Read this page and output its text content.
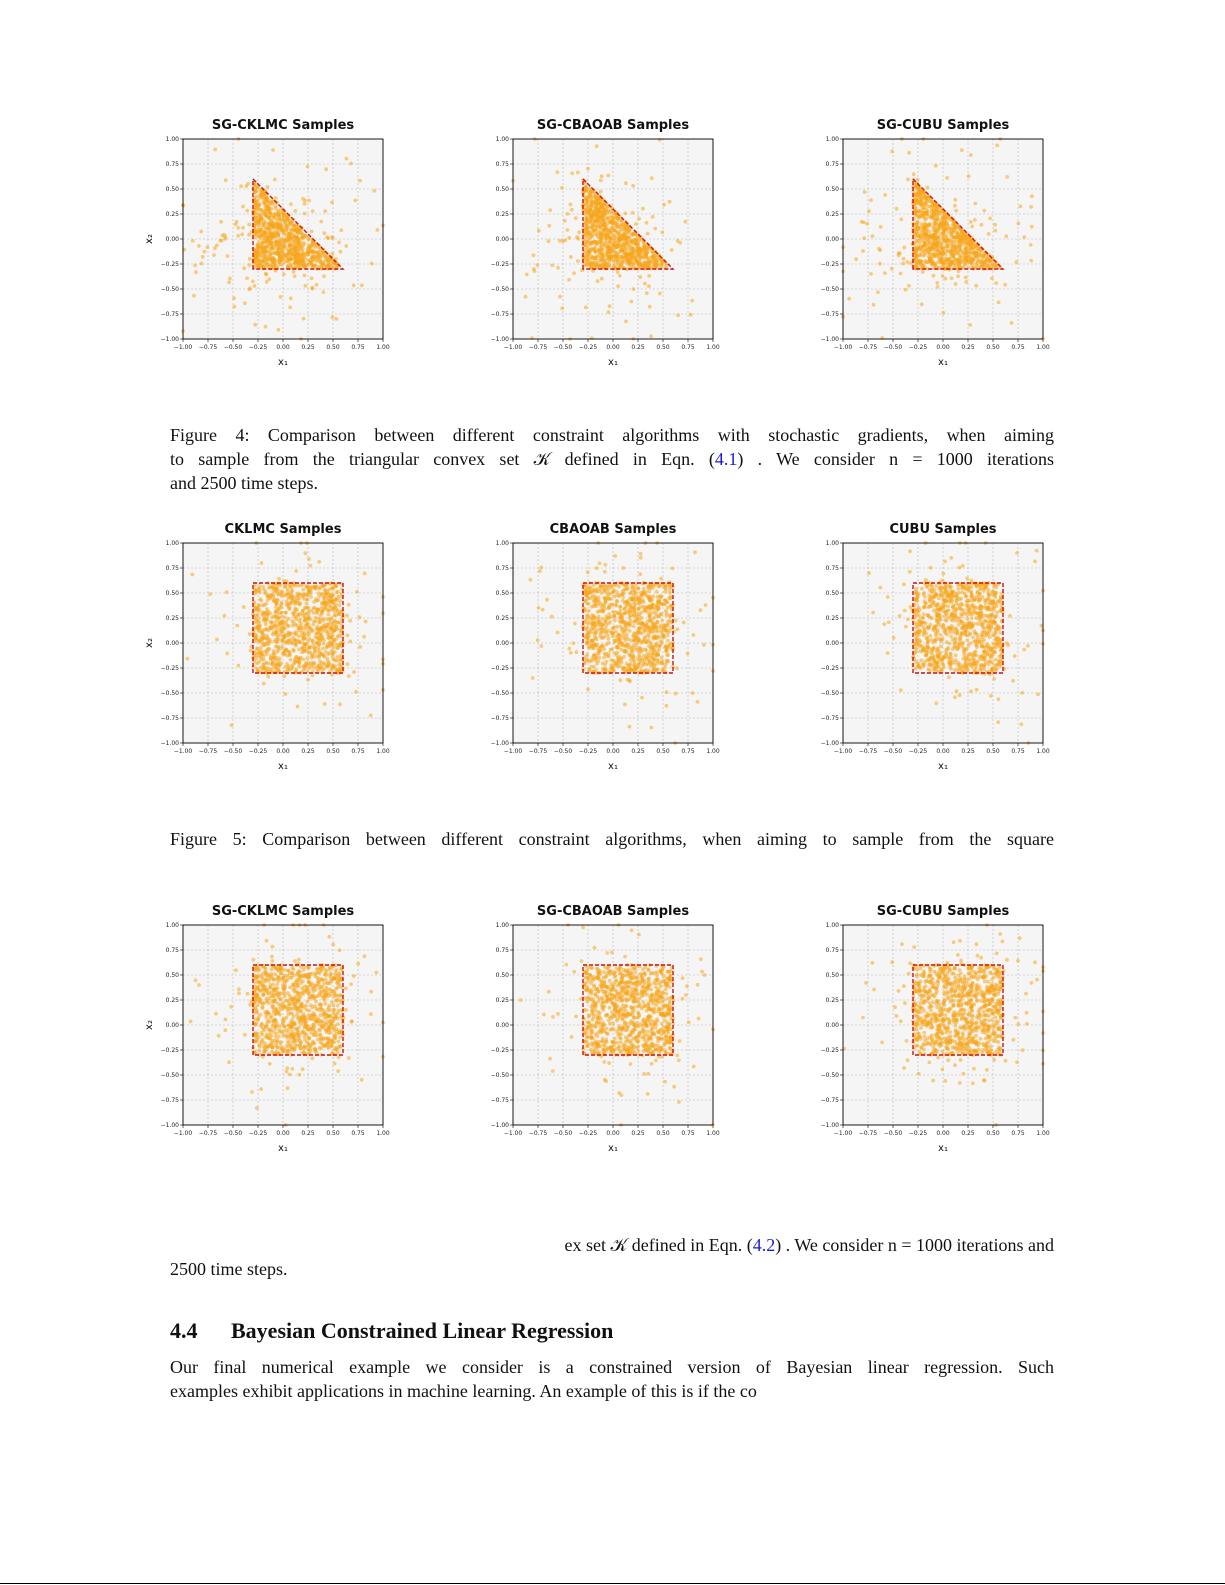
SG-CKLMC Samples
−1.00
−1.00
−0.75
−0.75
−0.50
−0.50
−0.25
−0.25
0.00
0.00
0.25
0.25
0.50
0.50
0.75
0.75
1.00
1.00
x₁
x₂
SG-CBAOAB Samples
−1.00
−1.00
−0.75
−0.75
−0.50
−0.50
−0.25
−0.25
0.00
0.00
0.25
0.25
0.50
0.50
0.75
0.75
1.00
1.00
x₁
SG-CUBU Samples
−1.00
−1.00
−0.75
−0.75
−0.50
−0.50
−0.25
−0.25
0.00
0.00
0.25
0.25
0.50
0.50
0.75
0.75
1.00
1.00
x₁
Figure 4: Comparison between different constraint algorithms with stochastic gradients, when aiming
to sample from the triangular convex set 𝒦 defined in Eqn. (4.1) . We consider n = 1000 iterations
and 2500 time steps.
CKLMC Samples
−1.00
−1.00
−0.75
−0.75
−0.50
−0.50
−0.25
−0.25
0.00
0.00
0.25
0.25
0.50
0.50
0.75
0.75
1.00
1.00
x₁
x₂
CBAOAB Samples
−1.00
−1.00
−0.75
−0.75
−0.50
−0.50
−0.25
−0.25
0.00
0.00
0.25
0.25
0.50
0.50
0.75
0.75
1.00
1.00
x₁
CUBU Samples
−1.00
−1.00
−0.75
−0.75
−0.50
−0.50
−0.25
−0.25
0.00
0.00
0.25
0.25
0.50
0.50
0.75
0.75
1.00
1.00
x₁
Figure 5: Comparison between different constraint algorithms, when aiming to sample from the square
SG-CKLMC Samples
−1.00
−1.00
−0.75
−0.75
−0.50
−0.50
−0.25
−0.25
0.00
0.00
0.25
0.25
0.50
0.50
0.75
0.75
1.00
1.00
x₁
x₂
SG-CBAOAB Samples
−1.00
−1.00
−0.75
−0.75
−0.50
−0.50
−0.25
−0.25
0.00
0.00
0.25
0.25
0.50
0.50
0.75
0.75
1.00
1.00
x₁
SG-CUBU Samples
−1.00
−1.00
−0.75
−0.75
−0.50
−0.50
−0.25
−0.25
0.00
0.00
0.25
0.25
0.50
0.50
0.75
0.75
1.00
1.00
x₁
ex set 𝒦 defined in Eqn. (4.2) . We consider n = 1000 iterations and
2500 time steps.
4.4 Bayesian Constrained Linear Regression
Our final numerical example we consider is a constrained version of Bayesian linear regression. Such
examples exhibit applications in machine learning. An example of this is if the co
